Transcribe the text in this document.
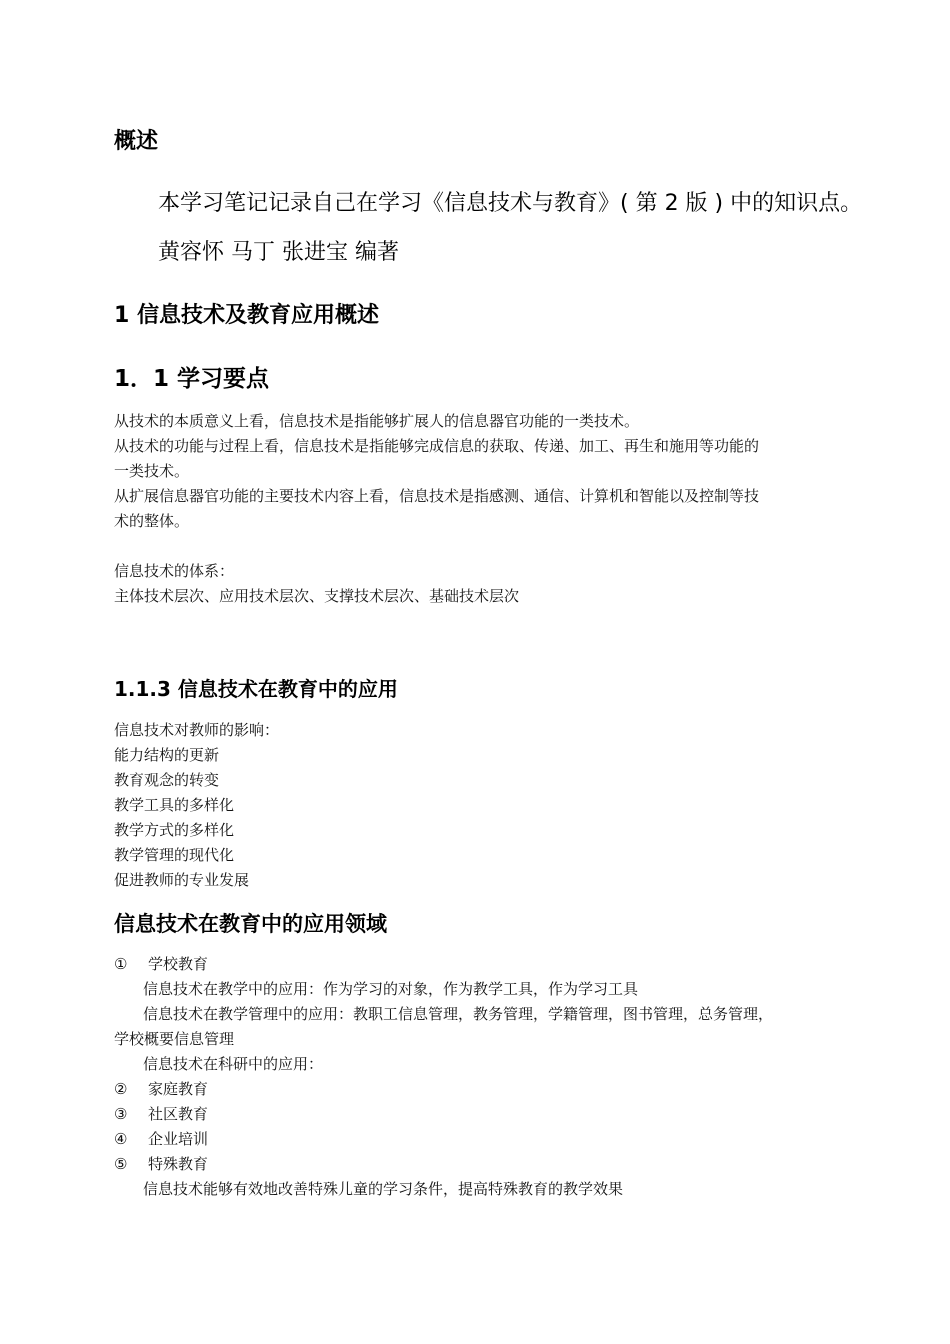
概述
本学习笔记记录自己在学习《信息技术与教育》( 第 2 版 ) 中的知识点。
黄容怀 马丁 张进宝 编著
1 信息技术及教育应用概述
1．1 学习要点
从技术的本质意义上看，信息技术是指能够扩展人的信息器官功能的一类技术。
从技术的功能与过程上看，信息技术是指能够完成信息的获取、传递、加工、再生和施用等功能的
一类技术。
从扩展信息器官功能的主要技术内容上看，信息技术是指感测、通信、计算机和智能以及控制等技
术的整体。
信息技术的体系：
主体技术层次、应用技术层次、支撑技术层次、基础技术层次
1.1.3 信息技术在教育中的应用
信息技术对教师的影响：
能力结构的更新
教育观念的转变
教学工具的多样化
教学方式的多样化
教学管理的现代化
促进教师的专业发展
信息技术在教育中的应用领域
① 学校教育
信息技术在教学中的应用：作为学习的对象，作为教学工具，作为学习工具
信息技术在教学管理中的应用：教职工信息管理，教务管理，学籍管理，图书管理，总务管理，
学校概要信息管理
信息技术在科研中的应用：
② 家庭教育
③ 社区教育
④ 企业培训
⑤ 特殊教育
信息技术能够有效地改善特殊儿童的学习条件，提高特殊教育的教学效果
